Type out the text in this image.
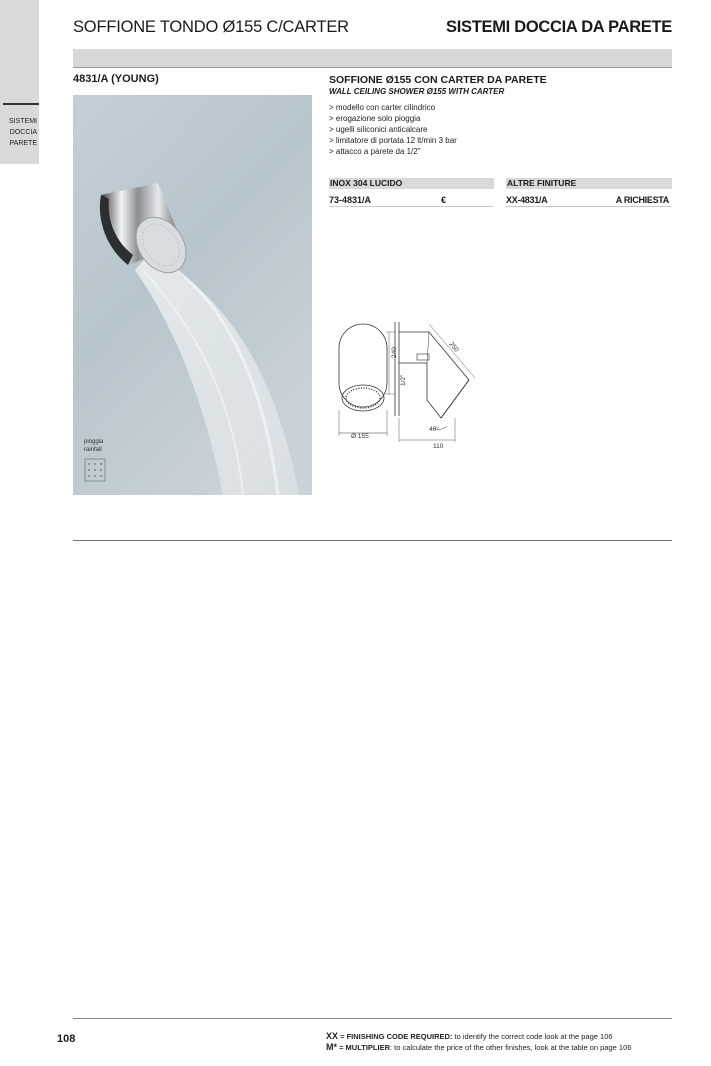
SISTEMI
DOCCIA
PARETE
SOFFIONE TONDO Ø155 C/CARTER	SISTEMI DOCCIA DA PARETE
4831/A (YOUNG)
pioggia
rainfall
SOFFIONE Ø155 CON CARTER DA PARETE
WALL CEILING SHOWER Ø155 WITH CARTER
> modello con carter cilindrico
> erogazione solo pioggia
> ugelli siliconici anticalcare
> limitatore di portata 12 lt/min 3 bar
> attacco a parete da 1/2"
INOX 304 LUCIDO	ALTRE FINITURE
73-4831/A	€	XX-4831/A	A RICHIESTA
Ø 155
240
1/2"
250
40°
110
108	XX = FINISHING CODE REQUIRED: to identify the correct code look at the page 106
M* = MULTIPLIER: to calculate the price of the other finishes, look at the table on page 106
